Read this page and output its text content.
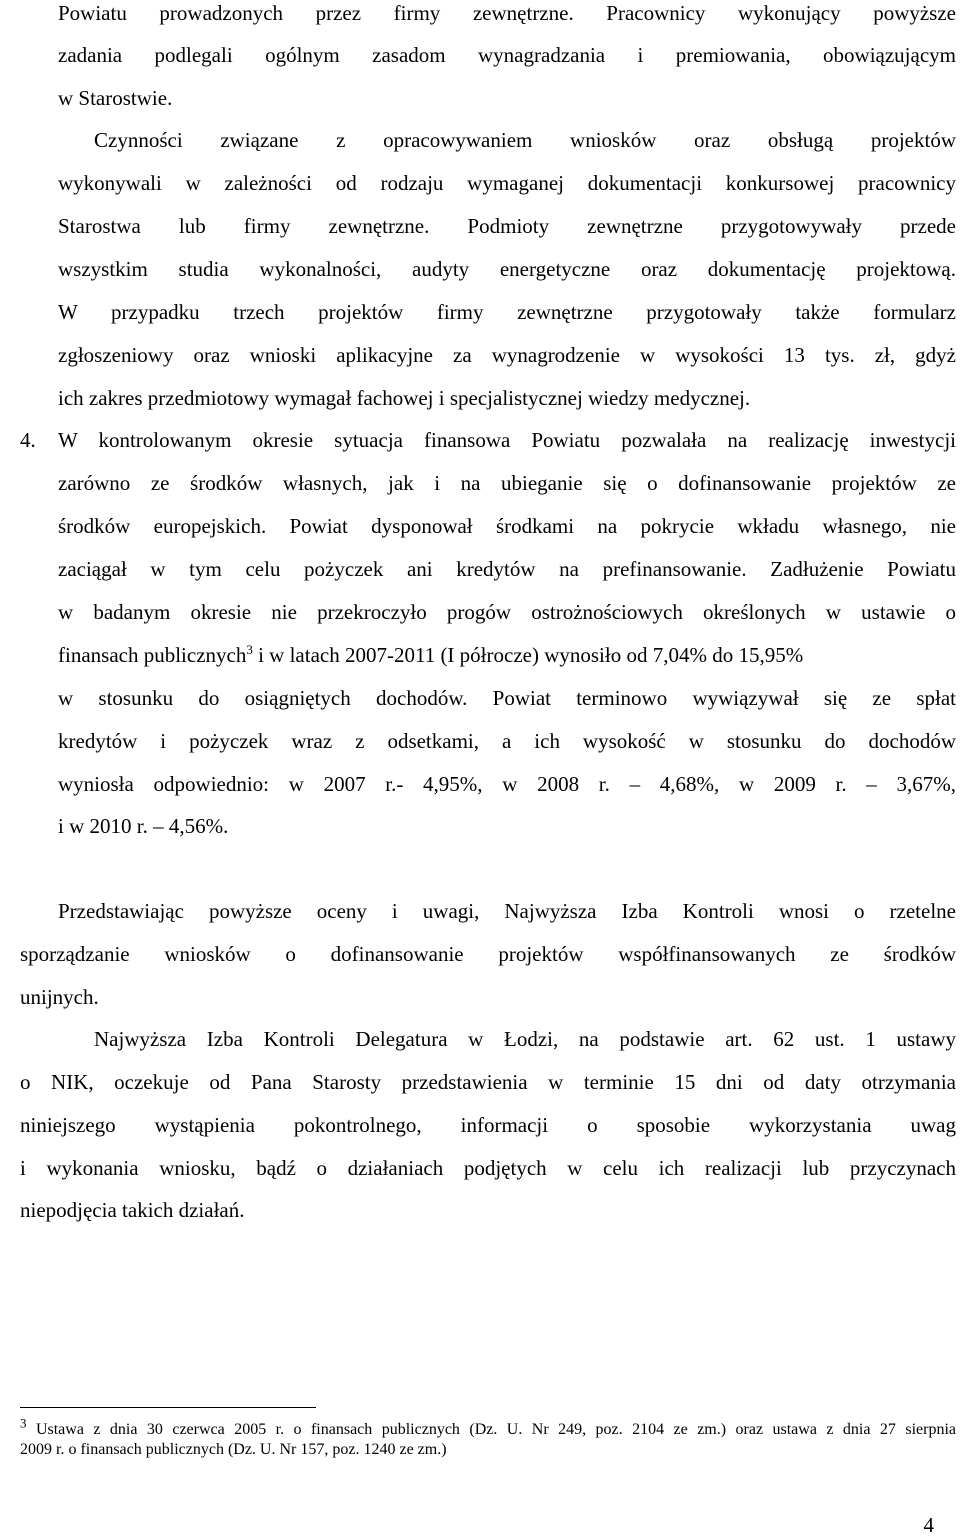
Powiatu prowadzonych przez firmy zewnętrzne. Pracownicy wykonujący powyższe
zadania podlegali ogólnym zasadom wynagradzania i premiowania, obowiązującym
w Starostwie.
Czynności związane z opracowywaniem wniosków oraz obsługą projektów
wykonywali w zależności od rodzaju wymaganej dokumentacji konkursowej pracownicy
Starostwa lub firmy zewnętrzne. Podmioty zewnętrzne przygotowywały przede
wszystkim studia wykonalności, audyty energetyczne oraz dokumentację projektową.
W przypadku trzech projektów firmy zewnętrzne przygotowały także formularz
zgłoszeniowy oraz wnioski aplikacyjne za wynagrodzenie w wysokości 13 tys. zł, gdyż
ich zakres przedmiotowy wymagał fachowej i specjalistycznej wiedzy medycznej.
4. W kontrolowanym okresie sytuacja finansowa Powiatu pozwalała na realizację inwestycji
zarówno ze środków własnych, jak i na ubieganie się o dofinansowanie projektów ze
środków europejskich. Powiat dysponował środkami na pokrycie wkładu własnego, nie
zaciągał w tym celu pożyczek ani kredytów na prefinansowanie. Zadłużenie Powiatu
w badanym okresie nie przekroczyło progów ostrożnościowych określonych w ustawie o
finansach publicznych$^3$ i w latach 2007-2011 (I półrocze) wynosiło od 7,04% do 15,95%
w stosunku do osiągniętych dochodów. Powiat terminowo wywiązywał się ze spłat
kredytów i pożyczek wraz z odsetkami, a ich wysokość w stosunku do dochodów
wyniosła odpowiednio: w 2007 r.- 4,95%, w 2008 r. – 4,68%, w 2009 r. – 3,67%,
i w 2010 r. – 4,56%.
Przedstawiając powyższe oceny i uwagi, Najwyższa Izba Kontroli wnosi o rzetelne
sporządzanie wniosków o dofinansowanie projektów współfinansowanych ze środków
unijnych.
Najwyższa Izba Kontroli Delegatura w Łodzi, na podstawie art. 62 ust. 1 ustawy
o NIK, oczekuje od Pana Starosty przedstawienia w terminie 15 dni od daty otrzymania
niniejszego wystąpienia pokontrolnego, informacji o sposobie wykorzystania uwag
i wykonania wniosku, bądź o działaniach podjętych w celu ich realizacji lub przyczynach
niepodjęcia takich działań.
$^3$ Ustawa z dnia 30 czerwca 2005 r. o finansach publicznych (Dz. U. Nr 249, poz. 2104 ze zm.) oraz ustawa z dnia 27 sierpnia
2009 r. o finansach publicznych (Dz. U. Nr 157, poz. 1240 ze zm.)
4
